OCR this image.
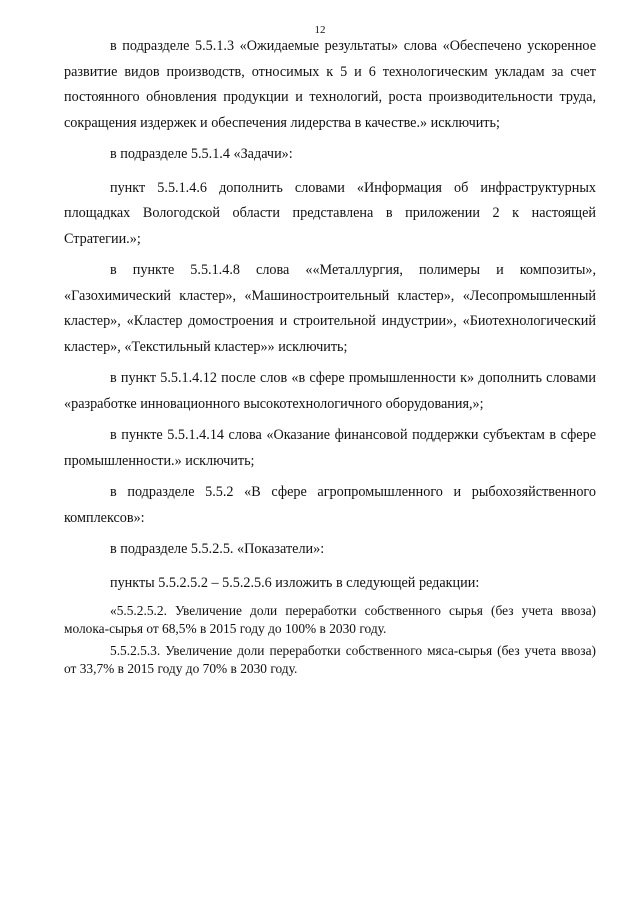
12

в подразделе 5.5.1.3 «Ожидаемые результаты» слова «Обеспечено ускоренное развитие видов производств, относимых к 5 и 6 технологическим укладам за счет постоянного обновления продукции и технологий, роста производительности труда, сокращения издержек и обеспечения лидерства в качестве.» исключить;

в подразделе 5.5.1.4 «Задачи»:

пункт 5.5.1.4.6 дополнить словами «Информация об инфраструктурных площадках Вологодской области представлена в приложении 2 к настоящей Стратегии.»;

в пункте 5.5.1.4.8 слова ««Металлургия, полимеры и композиты», «Газохимический кластер», «Машиностроительный кластер», «Лесопромышленный кластер», «Кластер домостроения и строительной индустрии», «Биотехнологический кластер», «Текстильный кластер»» исключить;

в пункт 5.5.1.4.12 после слов «в сфере промышленности к» дополнить словами «разработке инновационного высокотехнологичного оборудования,»;

в пункте 5.5.1.4.14 слова «Оказание финансовой поддержки субъектам в сфере промышленности.» исключить;

в подразделе 5.5.2 «В сфере агропромышленного и рыбохозяйственного комплексов»:

в подразделе 5.5.2.5. «Показатели»:

пункты 5.5.2.5.2 – 5.5.2.5.6 изложить в следующей редакции:

«5.5.2.5.2. Увеличение доли переработки собственного сырья (без учета ввоза) молока-сырья от 68,5% в 2015 году до 100% в 2030 году.

5.5.2.5.3. Увеличение доли переработки собственного мяса-сырья (без учета ввоза) от 33,7% в 2015 году до 70% в 2030 году.
